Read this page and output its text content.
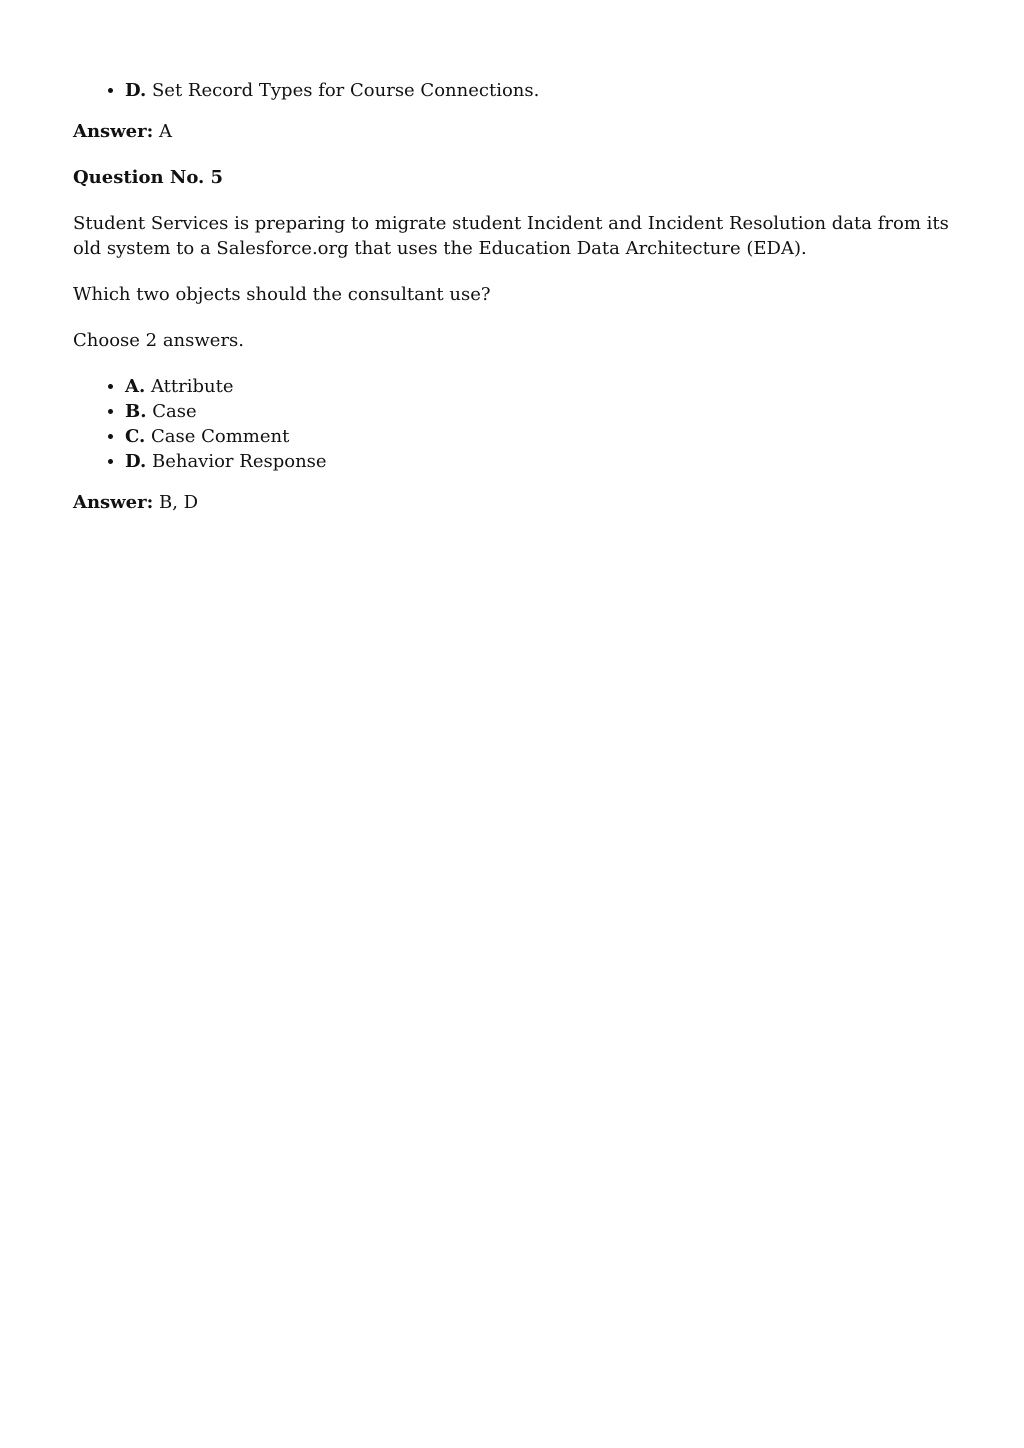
• D. Set Record Types for Course Connections.

Answer: A

Question No. 5

Student Services is preparing to migrate student Incident and Incident Resolution data from its old system to a Salesforce.org that uses the Education Data Architecture (EDA).

Which two objects should the consultant use?

Choose 2 answers.

• A. Attribute
• B. Case
• C. Case Comment
• D. Behavior Response

Answer: B, D
